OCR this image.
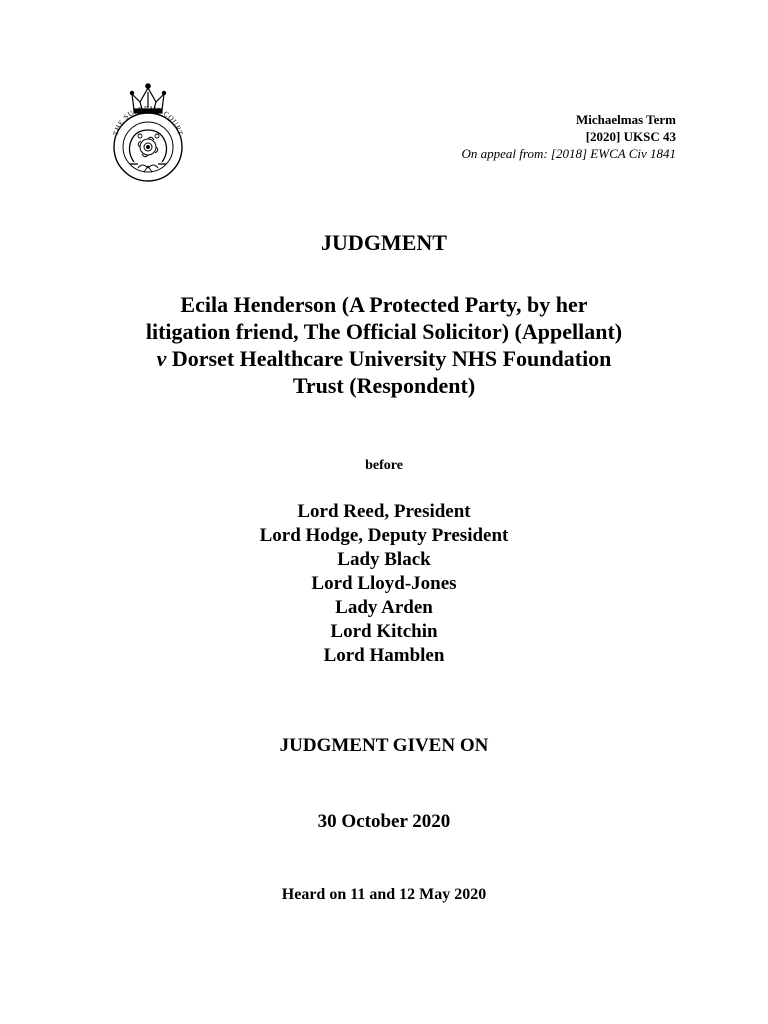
THE SUPREME COURT
Michaelmas Term
[2020] UKSC 43
On appeal from: [2018] EWCA Civ 1841
JUDGMENT
Ecila Henderson (A Protected Party, by her
litigation friend, The Official Solicitor) (Appellant)
v Dorset Healthcare University NHS Foundation
Trust (Respondent)
before
Lord Reed, President
Lord Hodge, Deputy President
Lady Black
Lord Lloyd-Jones
Lady Arden
Lord Kitchin
Lord Hamblen
JUDGMENT GIVEN ON
30 October 2020
Heard on 11 and 12 May 2020
